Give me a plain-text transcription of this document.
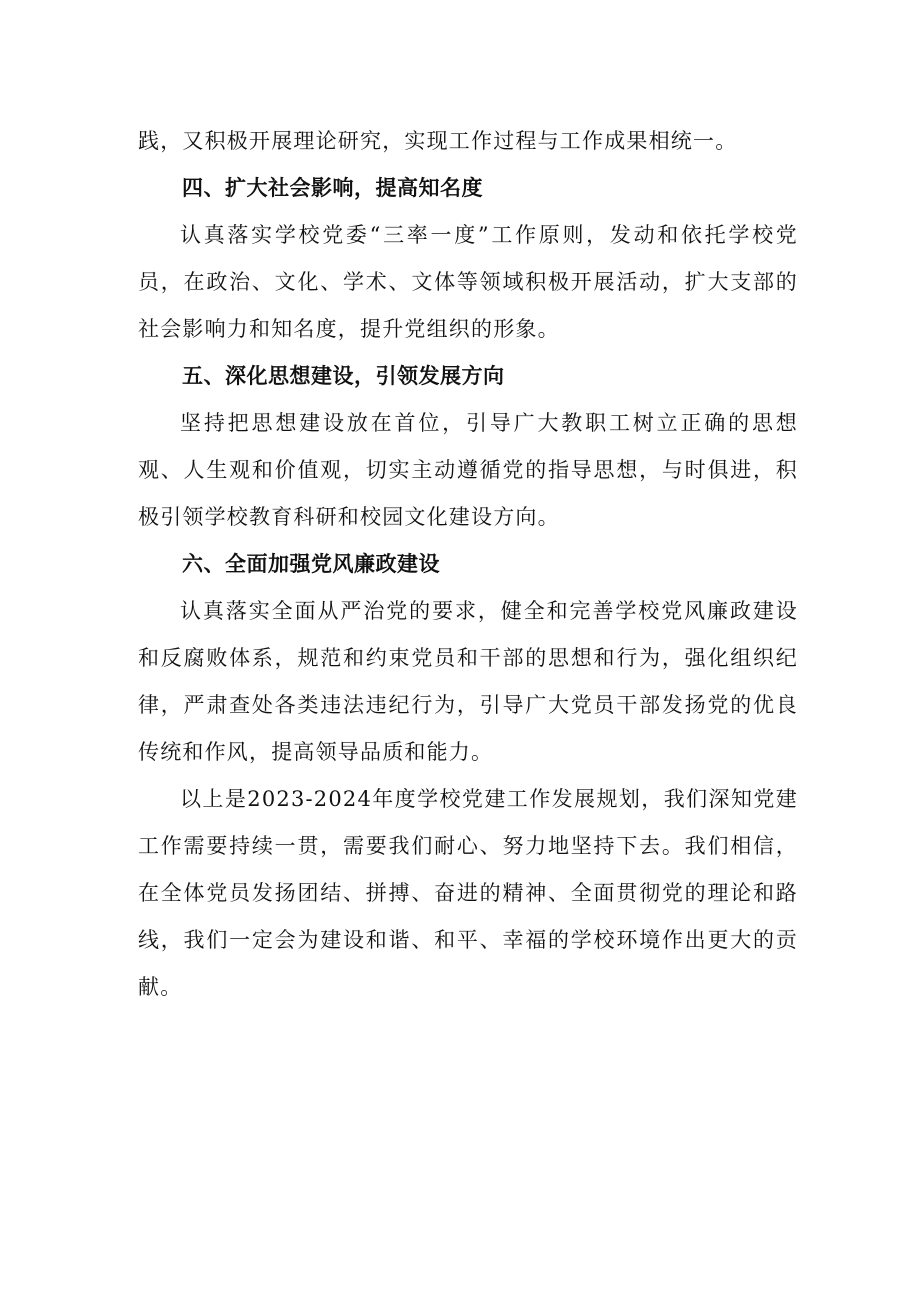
践，又积极开展理论研究，实现工作过程与工作成果相统一。

四、扩大社会影响，提高知名度

认真落实学校党委“三率一度”工作原则，发动和依托学校党员，在政治、文化、学术、文体等领域积极开展活动，扩大支部的社会影响力和知名度，提升党组织的形象。

五、深化思想建设，引领发展方向

坚持把思想建设放在首位，引导广大教职工树立正确的思想观、人生观和价值观，切实主动遵循党的指导思想，与时俱进，积极引领学校教育科研和校园文化建设方向。

六、全面加强党风廉政建设

认真落实全面从严治党的要求，健全和完善学校党风廉政建设和反腐败体系，规范和约束党员和干部的思想和行为，强化组织纪律，严肃查处各类违法违纪行为，引导广大党员干部发扬党的优良传统和作风，提高领导品质和能力。

以上是2023-2024年度学校党建工作发展规划，我们深知党建工作需要持续一贯，需要我们耐心、努力地坚持下去。我们相信，在全体党员发扬团结、拼搏、奋进的精神、全面贯彻党的理论和路线，我们一定会为建设和谐、和平、幸福的学校环境作出更大的贡献。
